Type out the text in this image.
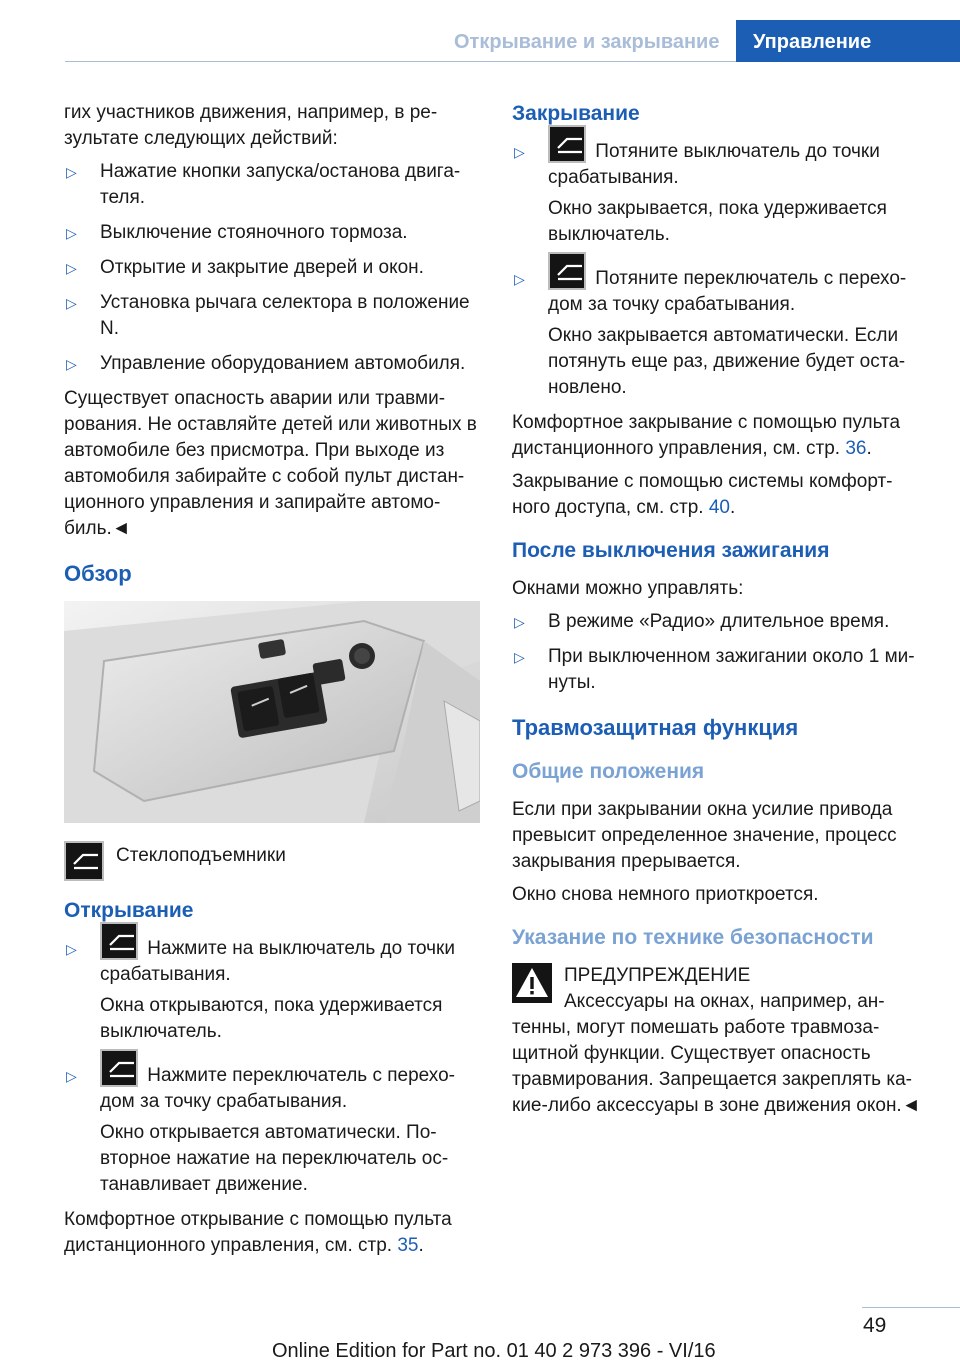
Открывание и закрывание Управление

гих участников движения, например, в ре-зультате следующих действий:

▷ Нажатие кнопки запуска/останова двига-теля.
▷ Выключение стояночного тормоза.
▷ Открытие и закрытие дверей и окон.
▷ Установка рычага селектора в положение N.
▷ Управление оборудованием автомобиля.

Существует опасность аварии или травми-рования. Не оставляйте детей или животных в автомобиле без присмотра. При выходе из автомобиля забирайте с собой пульт дистан-ционного управления и запирайте автомо-биль.◄

Обзор
Стеклоподъемники
Открывание
▷	Нажмите на выключатель до точки срабатывания.
Окна открываются, пока удерживается выключатель.
▷	Нажмите переключатель с перехо-дом за точку срабатывания.
Окно открывается автоматически. По-вторное нажатие на переключатель ос-танавливает движение.

Комфортное открывание с помощью пульта дистанционного управления, см. стр. 35.

Закрывание
▷	Потяните выключатель до точки срабатывания.
Окно закрывается, пока удерживается выключатель.
▷	Потяните переключатель с перехо-дом за точку срабатывания.
Окно закрывается автоматически. Если потянуть еще раз, движение будет оста-новлено.

Комфортное закрывание с помощью пульта дистанционного управления, см. стр. 36.

Закрывание с помощью системы комфорт-ного доступа, см. стр. 40.

После выключения зажигания

Окнами можно управлять:

▷ В режиме «Радио» длительное время.
▷ При выключенном зажигании около 1 ми-нуты.
Травмозащитная функция
Общие положения

Если при закрывании окна усилие привода превысит определенное значение, процесс закрывания прерывается.

Окно снова немного приоткроется.

Указание по технике безопасности
ПРЕДУПРЕЖДЕНИЕ

Аксессуары на окнах, например, ан-тенны, могут помешать работе травмоза-щитной функции. Существует опасность травмирования. Запрещается закреплять ка-кие-либо аксессуары в зоне движения окон.◄

49
Online Edition for Part no. 01 40 2 973 396 - VI/16
